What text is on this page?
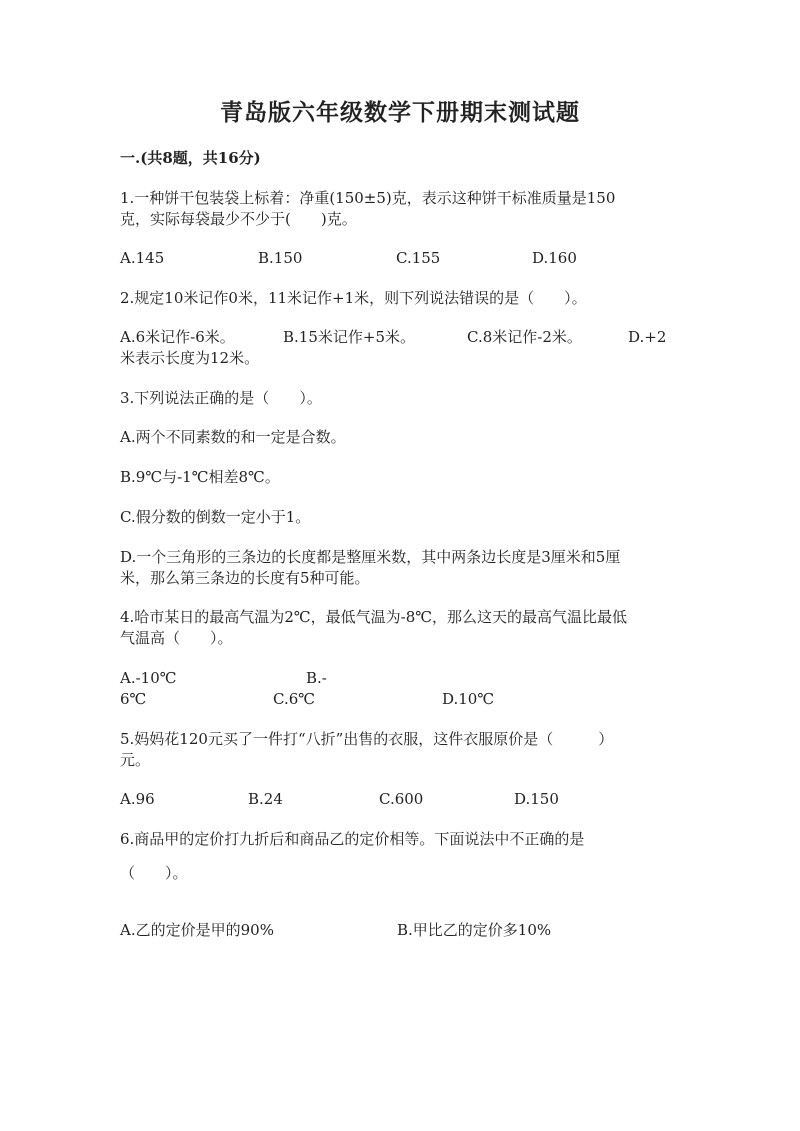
青岛版六年级数学下册期末测试题
一.(共8题，共16分)
1.一种饼干包装袋上标着：净重(150±5)克，表示这种饼干标准质量是150
克，实际每袋最少不少于(　　)克。
A.145	B.150	C.155	D.160
2.规定10米记作0米，11米记作+1米，则下列说法错误的是（　　）。
A.6米记作-6米。	B.15米记作+5米。	C.8米记作-2米。	D.+2
米表示长度为12米。
3.下列说法正确的是（　　）。
A.两个不同素数的和一定是合数。
B.9℃与-1℃相差8℃。
C.假分数的倒数一定小于1。
D.一个三角形的三条边的长度都是整厘米数，其中两条边长度是3厘米和5厘
米，那么第三条边的长度有5种可能。
4.哈市某日的最高气温为2℃，最低气温为-8℃，那么这天的最高气温比最低
气温高（　　）。
A.-10℃	B.-
6℃	C.6℃	D.10℃
5.妈妈花120元买了一件打“八折”出售的衣服，这件衣服原价是（　　　）
元。
A.96	B.24	C.600	D.150
6.商品甲的定价打九折后和商品乙的定价相等。下面说法中不正确的是
（　　）。
A.乙的定价是甲的90%	B.甲比乙的定价多10%
